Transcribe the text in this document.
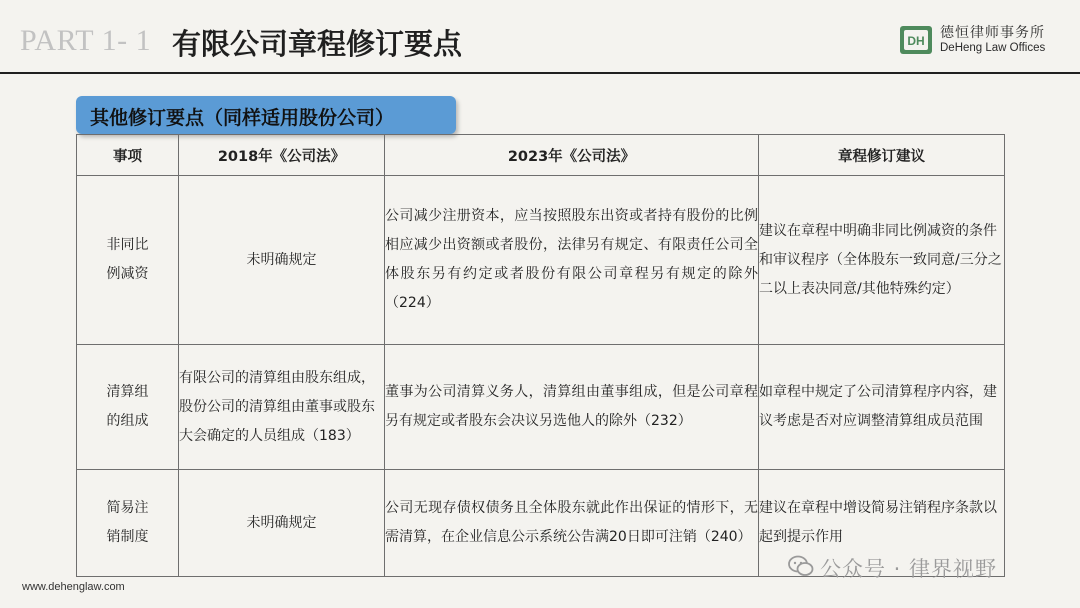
PART 1- 1 有限公司章程修订要点	DH 德恒律师事务所
DeHeng Law Offices
其他修订要点（同样适用股份公司）
事项	2018年《公司法》	2023年《公司法》	章程修订建议

非同比
例减资	未明确规定	公司减少注册资本，应当按照股东出资或者持有股份的比例相应减少出资额或者股份，法律另有规定、有限责任公司全体股东另有约定或者股份有限公司章程另有规定的除外（224）	建议在章程中明确非同比例减资的条件和审议程序（全体股东一致同意/三分之二以上表决同意/其他特殊约定）

清算组
的组成	有限公司的清算组由股东组成，股份公司的清算组由董事或股东大会确定的人员组成（183）	董事为公司清算义务人，清算组由董事组成，但是公司章程另有规定或者股东会决议另选他人的除外（232）	如章程中规定了公司清算程序内容，建议考虑是否对应调整清算组成员范围

简易注
销制度	未明确规定	公司无现存债权债务且全体股东就此作出保证的情形下，无需清算，在企业信息公示系统公告满20日即可注销（240）	建议在章程中增设简易注销程序条款以起到提示作用
www.dehenglaw.com
公众号 · 律界视野
